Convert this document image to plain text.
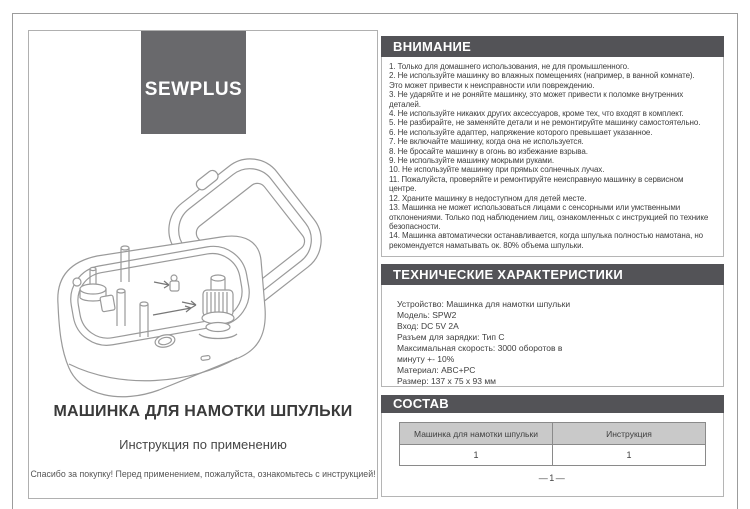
SEWPLUS
МАШИНКА ДЛЯ НАМОТКИ ШПУЛЬКИ
Инструкция по применению
Спасибо за покупку! Перед применением, пожалуйста, ознакомьтесь с инструкцией!
ВНИМАНИЕ

1. Только для домашнего использования, не для промышленного.

2. Не используйте машинку во влажных помещениях (например, в ванной комнате). Это может привести к неисправности или повреждению.

3. Не ударяйте и не роняйте машинку, это может привести к поломке внутренних деталей.

4. Не используйте никаких других аксессуаров, кроме тех, что входят в комплект.

5. Не разбирайте, не заменяйте детали и не ремонтируйте машинку самостоятельно.

6. Не используйте адаптер, напряжение которого превышает указанное.

7. Не включайте машинку, когда она не используется.

8. Не бросайте машинку в огонь во избежание взрыва.

9. Не используйте машинку мокрыми руками.

10. Не используйте машинку при прямых солнечных лучах.

11. Пожалуйста, проверяйте и ремонтируйте неисправную машинку в сервисном центре.

12. Храните машинку в недоступном для детей месте.

13. Машинка не может использоваться лицами с сенсорными или умственными отклонениями. Только под наблюдением лиц, ознакомленных с инструкцией по технике безопасности.

14. Машинка автоматически останавливается, когда шпулька полностью намотана, но рекомендуется наматывать ок. 80% объема шпульки.

ТЕХНИЧЕСКИЕ ХАРАКТЕРИСТИКИ
Устройство: Машинка для намотки шпульки
Модель: SPW2
Вход: DC 5V 2A
Разъем для зарядки: Тип C
Максимальная скорость: 3000 оборотов в
минуту +- 10%
Материал: ABC+PC
Размер: 137 x 75 x 93 мм
СОСТАВ
Машинка для намотки шпульки	Инструкция
1	1
—1—
